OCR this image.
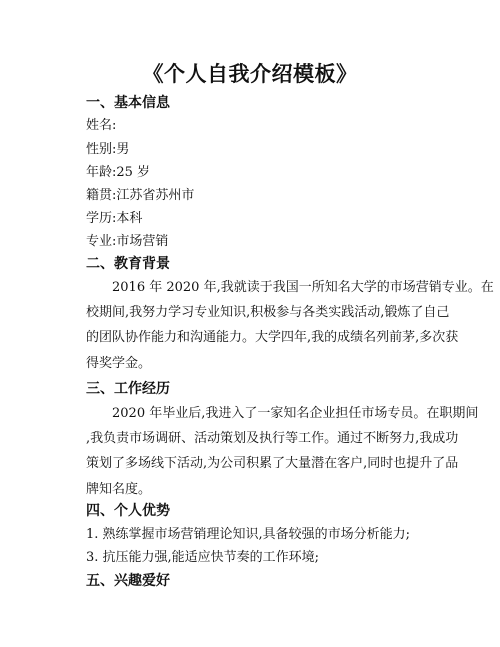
《个人自我介绍模板》
一、基本信息
姓名:
性别:男
年龄:25 岁
籍贯:江苏省苏州市
学历:本科
专业:市场营销
二、教育背景
2016 年 2020 年,我就读于我国一所知名大学的市场营销专业。在
校期间,我努力学习专业知识,积极参与各类实践活动,锻炼了自己
的团队协作能力和沟通能力。大学四年,我的成绩名列前茅,多次获
得奖学金。
三、工作经历
2020 年毕业后,我进入了一家知名企业担任市场专员。在职期间
,我负责市场调研、活动策划及执行等工作。通过不断努力,我成功
策划了多场线下活动,为公司积累了大量潜在客户,同时也提升了品
牌知名度。
四、个人优势
1. 熟练掌握市场营销理论知识,具备较强的市场分析能力;
3. 抗压能力强,能适应快节奏的工作环境;
五、兴趣爱好
